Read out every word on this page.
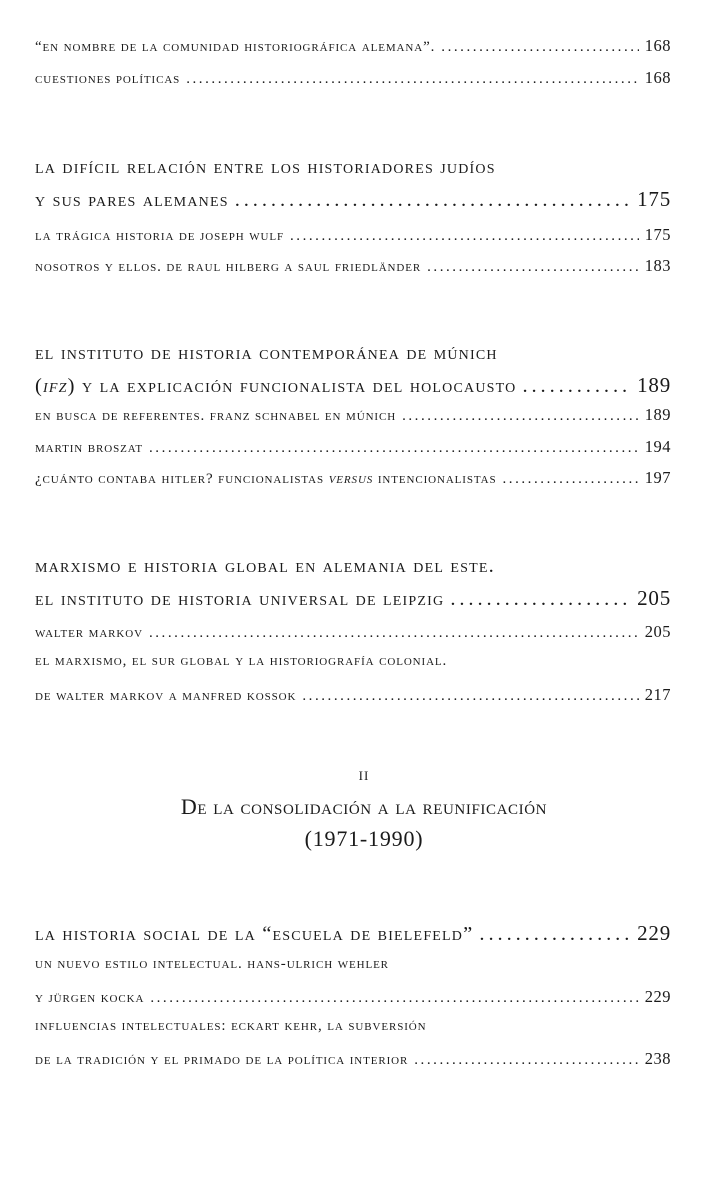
“en nombre de la comunidad historiográfica alemana”. . . .	168
cuestiones políticas . . .	168
la difícil relación entre los historiadores judíos
y sus pares alemanes . . .	175
la trágica historia de joseph wulf . . .	175
nosotros y ellos. de raul hilberg a saul friedländer . . .	183
el instituto de historia contemporánea de múnich
(ifz) y la explicación funcionalista del holocausto . . .	189
en busca de referentes. franz schnabel en múnich . . .	189
martin broszat . . .	194
¿cuánto contaba hitler? funcionalistas versus intencionalistas . . .	197
marxismo e historia global en alemania del este.
el instituto de historia universal de leipzig . . .	205
walter markov . . .	205
el marxismo, el sur global y la historiografía colonial.
de walter markov a manfred kossok . . .	217
ii
De la consolidación a la reunificación
(1971-1990)
la historia social de la “escuela de bielefeld” . . .	229
un nuevo estilo intelectual. hans-ulrich wehler
y jürgen kocka . . .	229
influencias intelectuales: eckart kehr, la subversión
de la tradición y el primado de la política interior . . .	238
